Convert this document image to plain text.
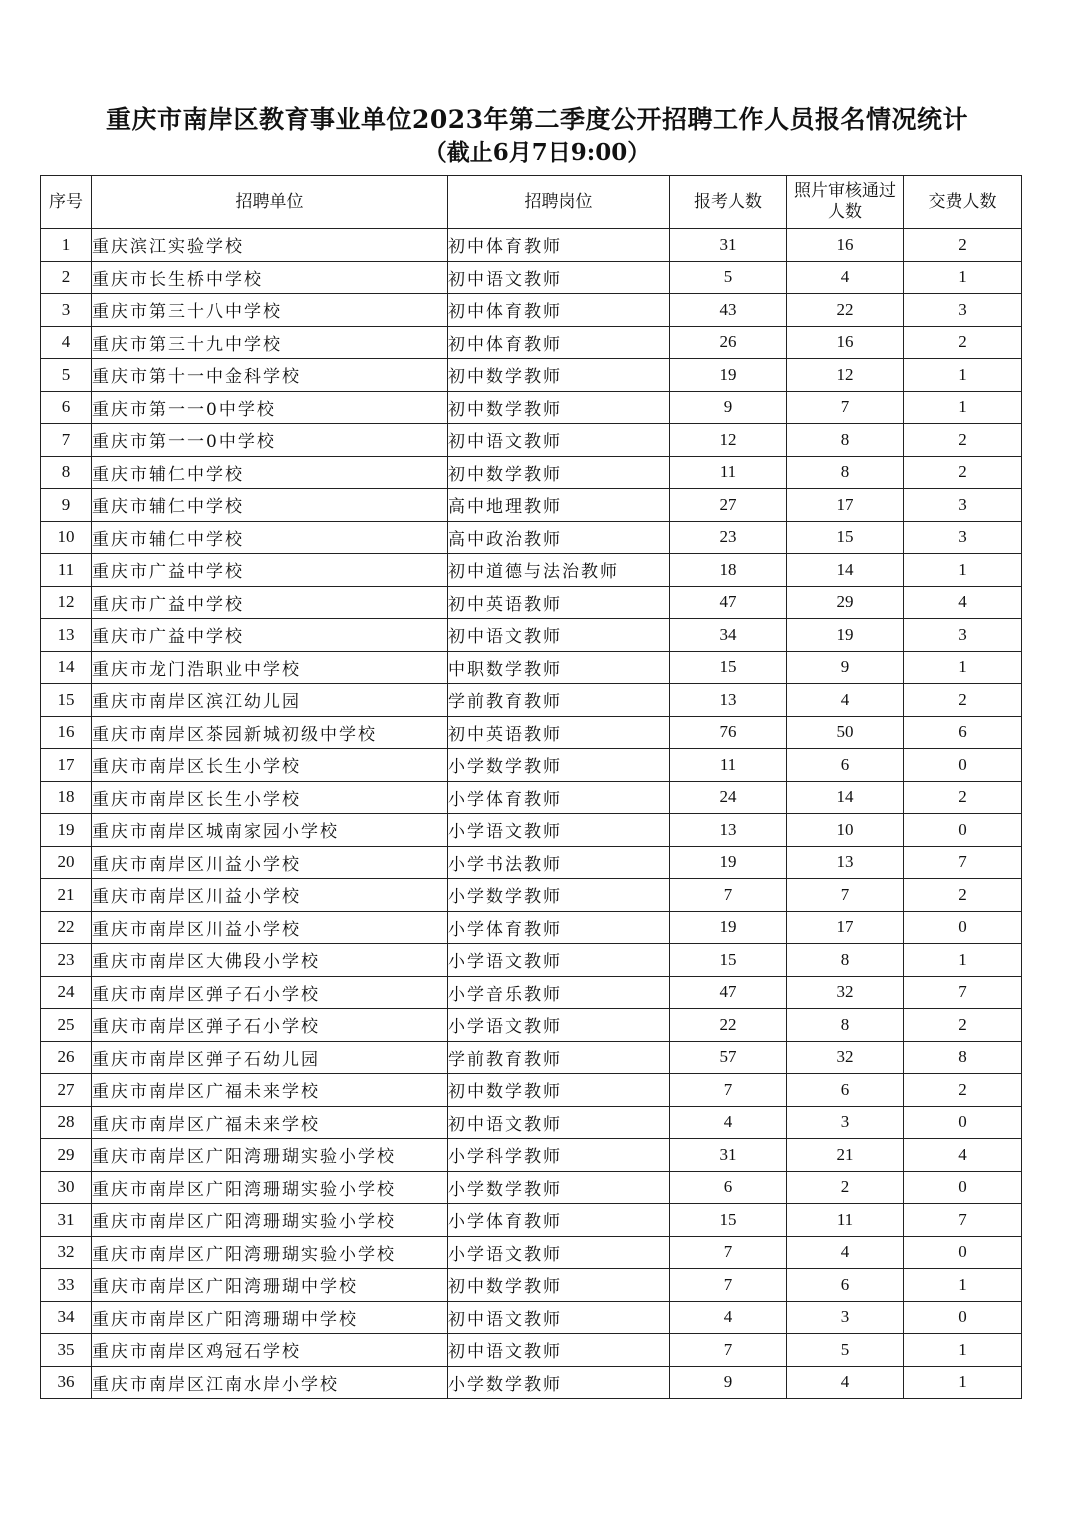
重庆市南岸区教育事业单位2023年第二季度公开招聘工作人员报名情况统计
（截止6月7日9:00）
序号	招聘单位	招聘岗位	报考人数	照片审核通过人数	交费人数
1	重庆滨江实验学校	初中体育教师	31	16	2
2	重庆市长生桥中学校	初中语文教师	5	4	1
3	重庆市第三十八中学校	初中体育教师	43	22	3
4	重庆市第三十九中学校	初中体育教师	26	16	2
5	重庆市第十一中金科学校	初中数学教师	19	12	1
6	重庆市第一一0中学校	初中数学教师	9	7	1
7	重庆市第一一0中学校	初中语文教师	12	8	2
8	重庆市辅仁中学校	初中数学教师	11	8	2
9	重庆市辅仁中学校	高中地理教师	27	17	3
10	重庆市辅仁中学校	高中政治教师	23	15	3
11	重庆市广益中学校	初中道德与法治教师	18	14	1
12	重庆市广益中学校	初中英语教师	47	29	4
13	重庆市广益中学校	初中语文教师	34	19	3
14	重庆市龙门浩职业中学校	中职数学教师	15	9	1
15	重庆市南岸区滨江幼儿园	学前教育教师	13	4	2
16	重庆市南岸区茶园新城初级中学校	初中英语教师	76	50	6
17	重庆市南岸区长生小学校	小学数学教师	11	6	0
18	重庆市南岸区长生小学校	小学体育教师	24	14	2
19	重庆市南岸区城南家园小学校	小学语文教师	13	10	0
20	重庆市南岸区川益小学校	小学书法教师	19	13	7
21	重庆市南岸区川益小学校	小学数学教师	7	7	2
22	重庆市南岸区川益小学校	小学体育教师	19	17	0
23	重庆市南岸区大佛段小学校	小学语文教师	15	8	1
24	重庆市南岸区弹子石小学校	小学音乐教师	47	32	7
25	重庆市南岸区弹子石小学校	小学语文教师	22	8	2
26	重庆市南岸区弹子石幼儿园	学前教育教师	57	32	8
27	重庆市南岸区广福未来学校	初中数学教师	7	6	2
28	重庆市南岸区广福未来学校	初中语文教师	4	3	0
29	重庆市南岸区广阳湾珊瑚实验小学校	小学科学教师	31	21	4
30	重庆市南岸区广阳湾珊瑚实验小学校	小学数学教师	6	2	0
31	重庆市南岸区广阳湾珊瑚实验小学校	小学体育教师	15	11	7
32	重庆市南岸区广阳湾珊瑚实验小学校	小学语文教师	7	4	0
33	重庆市南岸区广阳湾珊瑚中学校	初中数学教师	7	6	1
34	重庆市南岸区广阳湾珊瑚中学校	初中语文教师	4	3	0
35	重庆市南岸区鸡冠石学校	初中语文教师	7	5	1
36	重庆市南岸区江南水岸小学校	小学数学教师	9	4	1
